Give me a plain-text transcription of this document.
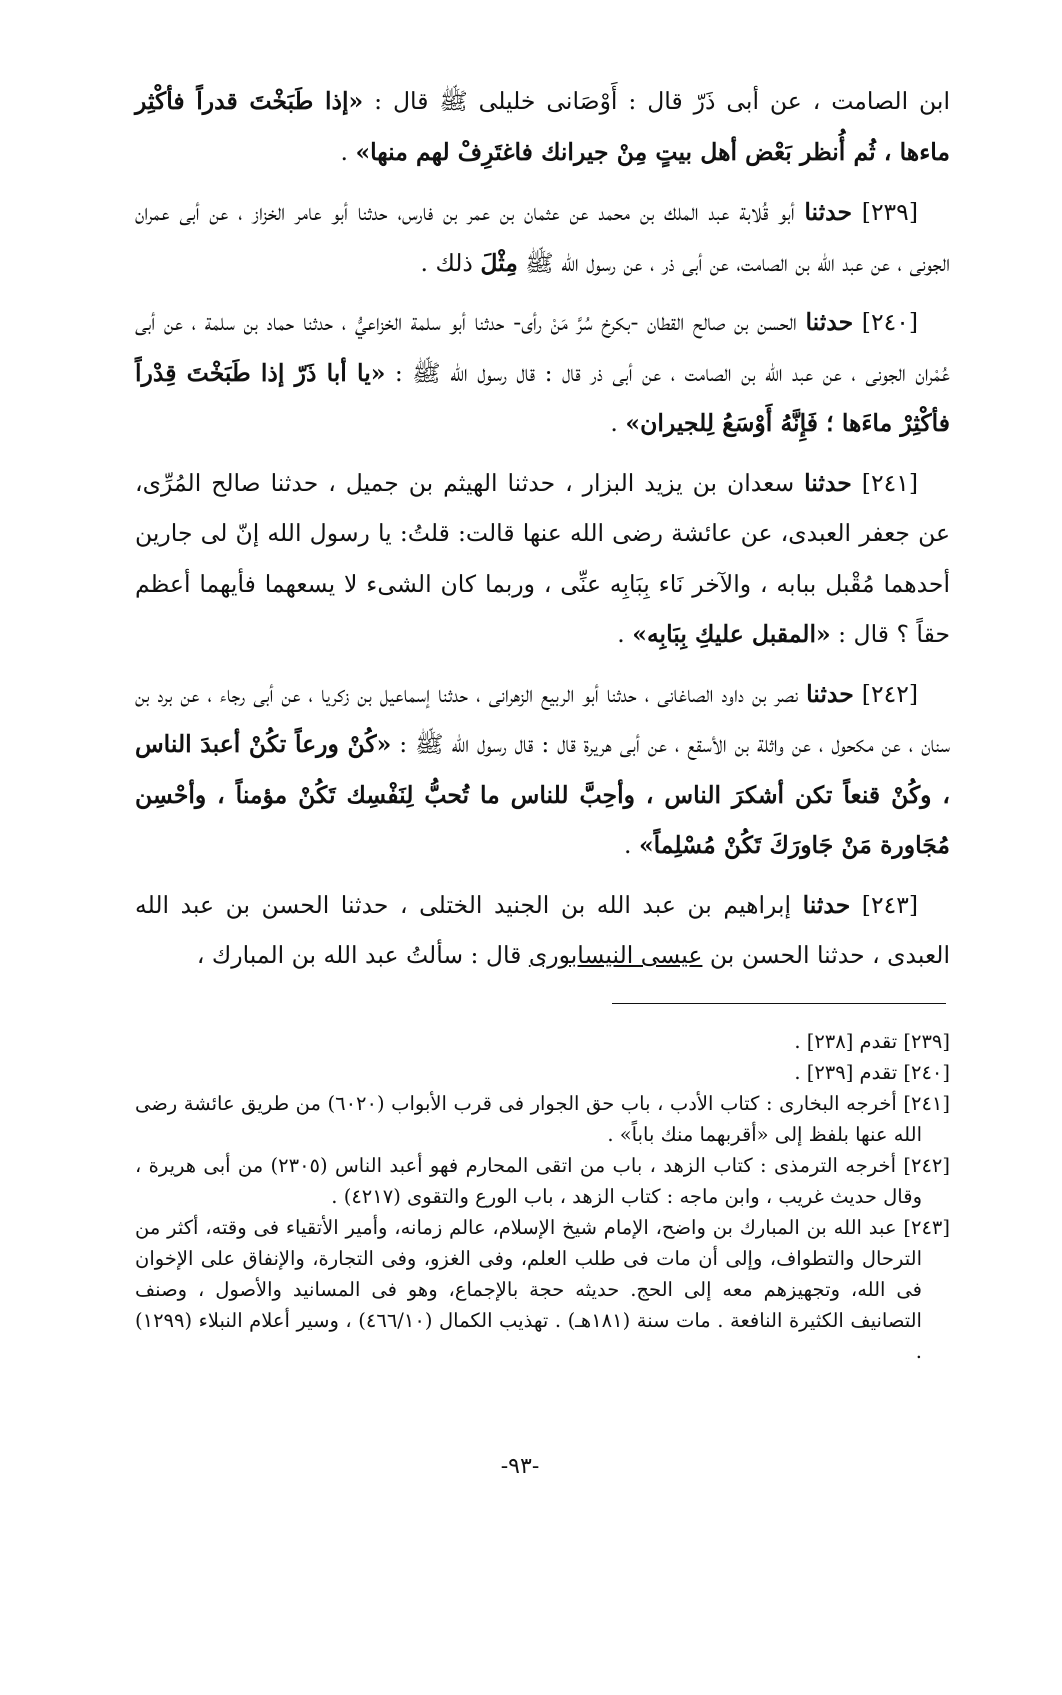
ابن الصامت ، عن أبى ذَرّ قال : أَوْصَانى خليلى ﷺ قال : «إذا طَبَخْتَ قدراً فأكْثِر ماءها ، ثُم أُنظر بَعْض أهل بيتٍ مِنْ جيرانك فاغتَرِفْ لهم منها» .

[٢٣٩] حدثنا أبو قُلابة عبد الملك بن محمد عن عثمان بن عمر بن فارس، حدثنا أبو عامر الخزاز ، عن أبى عمران الجونى ، عن عبد الله بن الصامت، عن أبى ذر ، عن رسول الله ﷺ مِثْلَ ذلك .

[٢٤٠] حدثنا الحسن بن صالح القطان -بكرخ سُرَّ مَنْ رأى- حدثنا أبو سلمة الخزاعيُّ ، حدثنا حماد بن سلمة ، عن أبى عُمْران الجونى ، عن عبد الله بن الصامت ، عن أبى ذر قال : قال رسول الله ﷺ : «يا أبا ذَرّ إذا طَبَخْتَ قِدْراً فأكْثِرْ ماءَها ؛ فَإِنَّهُ أَوْسَعُ لِلجيران» .

[٢٤١] حدثنا سعدان بن يزيد البزار ، حدثنا الهيثم بن جميل ، حدثنا صالح المُرِّى، عن جعفر العبدى، عن عائشة رضى الله عنها قالت: قلتُ: يا رسول الله إنّ لى جارين أحدهما مُقْبل ببابه ، والآخر نَاء بِبَابِه عنِّى ، وربما كان الشىء لا يسعهما فأيهما أعظم حقاً ؟ قال : «المقبل عليكِ بِبَابِه» .

[٢٤٢] حدثنا نصر بن داود الصاغانى ، حدثنا أبو الربيع الزهرانى ، حدثنا إسماعيل بن زكريا ، عن أبى رجاء ، عن برد بن سنان ، عن مكحول ، عن واثلة بن الأسقع ، عن أبى هريرة قال : قال رسول الله ﷺ : «كُنْ ورعاً تكُنْ أعبدَ الناس ، وكُنْ قنعاً تكن أشكرَ الناس ، وأحِبَّ للناس ما تُحبُّ لِنَفْسِك تَكُنْ مؤمناً ، وأحْسِن مُجَاورة مَنْ جَاورَكَ تَكُنْ مُسْلِماً» .

[٢٤٣] حدثنا إبراهيم بن عبد الله بن الجنيد الختلى ، حدثنا الحسن بن عبد الله العبدى ، حدثنا الحسن بن عيسى النيسابورى قال : سألتُ عبد الله بن المبارك ،

[٢٣٩] تقدم [٢٣٨] .

[٢٤٠] تقدم [٢٣٩] .

[٢٤١] أخرجه البخارى : كتاب الأدب ، باب حق الجوار فى قرب الأبواب (٦٠٢٠) من طريق عائشة رضى الله عنها بلفظ إلى «أقربهما منك باباً» .

[٢٤٢] أخرجه الترمذى : كتاب الزهد ، باب من اتقى المحارم فهو أعبد الناس (٢٣٠٥) من أبى هريرة ، وقال حديث غريب ، وابن ماجه : كتاب الزهد ، باب الورع والتقوى (٤٢١٧) .

[٢٤٣] عبد الله بن المبارك بن واضح، الإمام شيخ الإسلام، عالم زمانه، وأمير الأتقياء فى وقته، أكثر من الترحال والتطواف، وإلى أن مات فى طلب العلم، وفى الغزو، وفى التجارة، والإنفاق على الإخوان فى الله، وتجهيزهم معه إلى الحج. حديثه حجة بالإجماع، وهو فى المسانيد والأصول ، وصنف التصانيف الكثيرة النافعة . مات سنة (١٨١هـ) . تهذيب الكمال (٤٦٦/١٠) ، وسير أعلام النبلاء (١٢٩٩) .

-٩٣-
